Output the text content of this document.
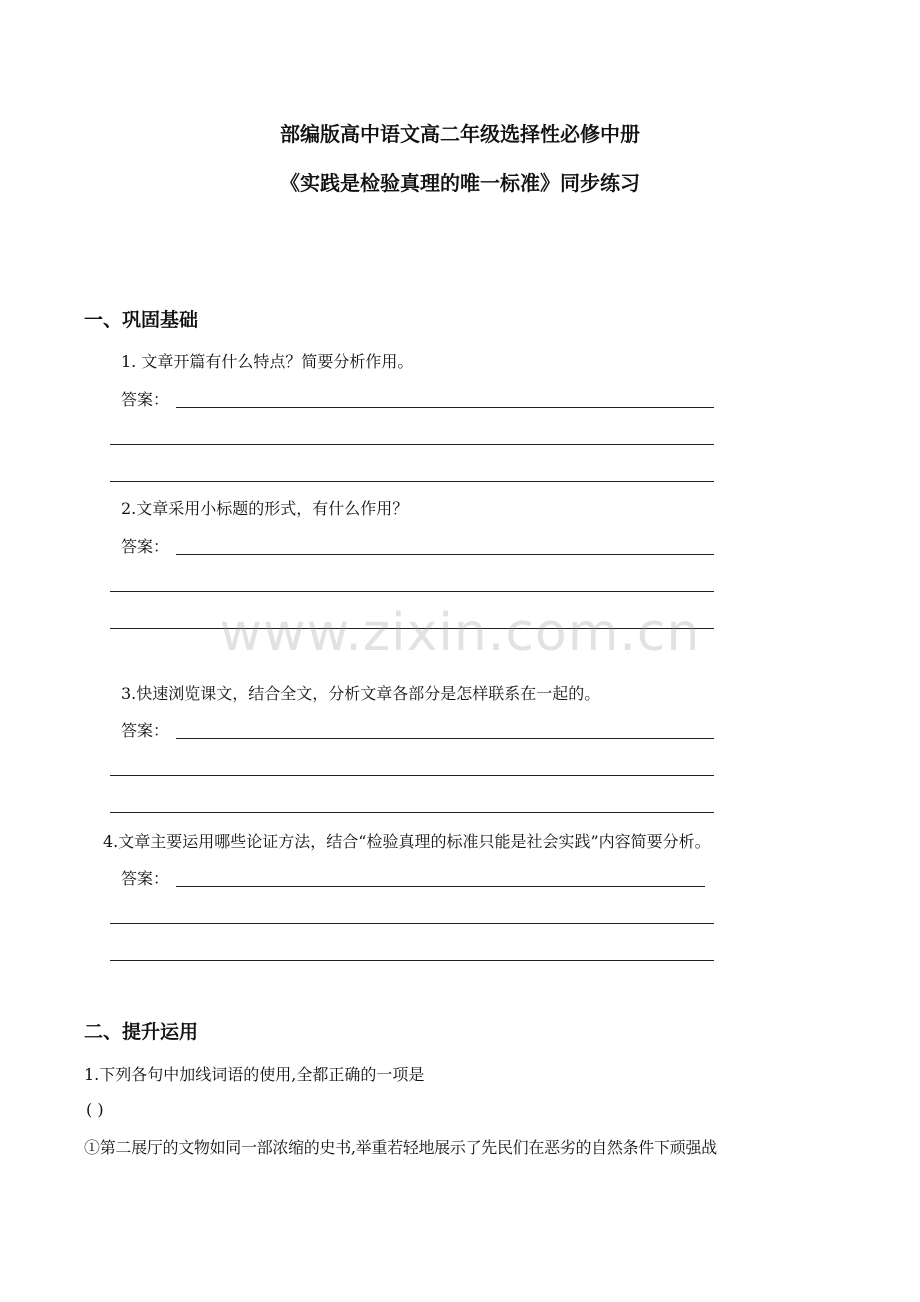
部编版高中语文高二年级选择性必修中册
《实践是检验真理的唯一标准》同步练习
一、巩固基础
1. 文章开篇有什么特点？简要分析作用。
答案：
2.文章采用小标题的形式，有什么作用？
答案：
3.快速浏览课文，结合全文，分析文章各部分是怎样联系在一起的。
答案：
4.文章主要运用哪些论证方法，结合“检验真理的标准只能是社会实践”内容简要分析。
答案：
二、提升运用
1.下列各句中加线词语的使用,全都正确的一项是
( )
①第二展厅的文物如同一部浓缩的史书,举重若轻地展示了先民们在恶劣的自然条件下顽强战
www.zixin.com.cn
